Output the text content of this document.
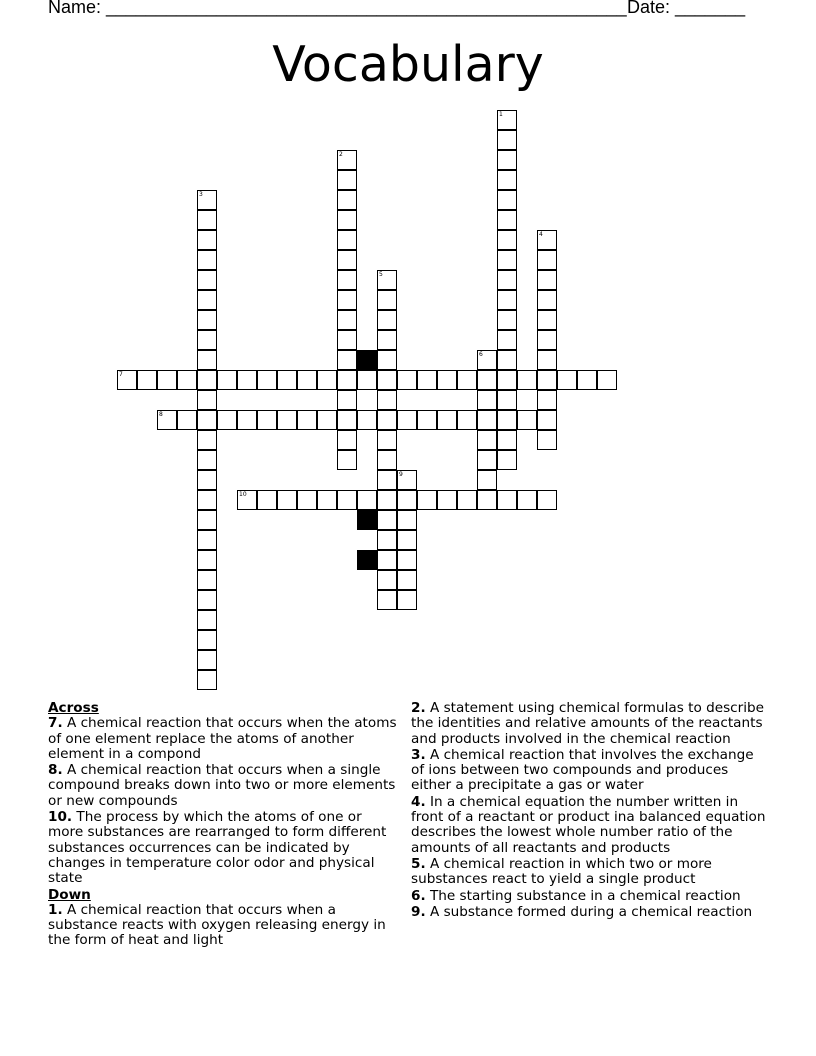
Name: ____________________________________________________ Date: _______
Vocabulary
1
2
3
4
5
6
7
8
9
10
Across
7. A chemical reaction that occurs when the atoms of one element replace the atoms of another element in a compond
8. A chemical reaction that occurs when a single compound breaks down into two or more elements or new compounds
10. The process by which the atoms of one or more substances are rearranged to form different substances occurrences can be indicated by changes in temperature color odor and physical state
Down
1. A chemical reaction that occurs when a substance reacts with oxygen releasing energy in the form of heat and light
2. A statement using chemical formulas to describe the identities and relative amounts of the reactants and products involved in the chemical reaction
3. A chemical reaction that involves the exchange of ions between two compounds and produces either a precipitate a gas or water
4. In a chemical equation the number written in front of a reactant or product ina balanced equation describes the lowest whole number ratio of the amounts of all reactants and products
5. A chemical reaction in which two or more substances react to yield a single product
6. The starting substance in a chemical reaction
9. A substance formed during a chemical reaction
